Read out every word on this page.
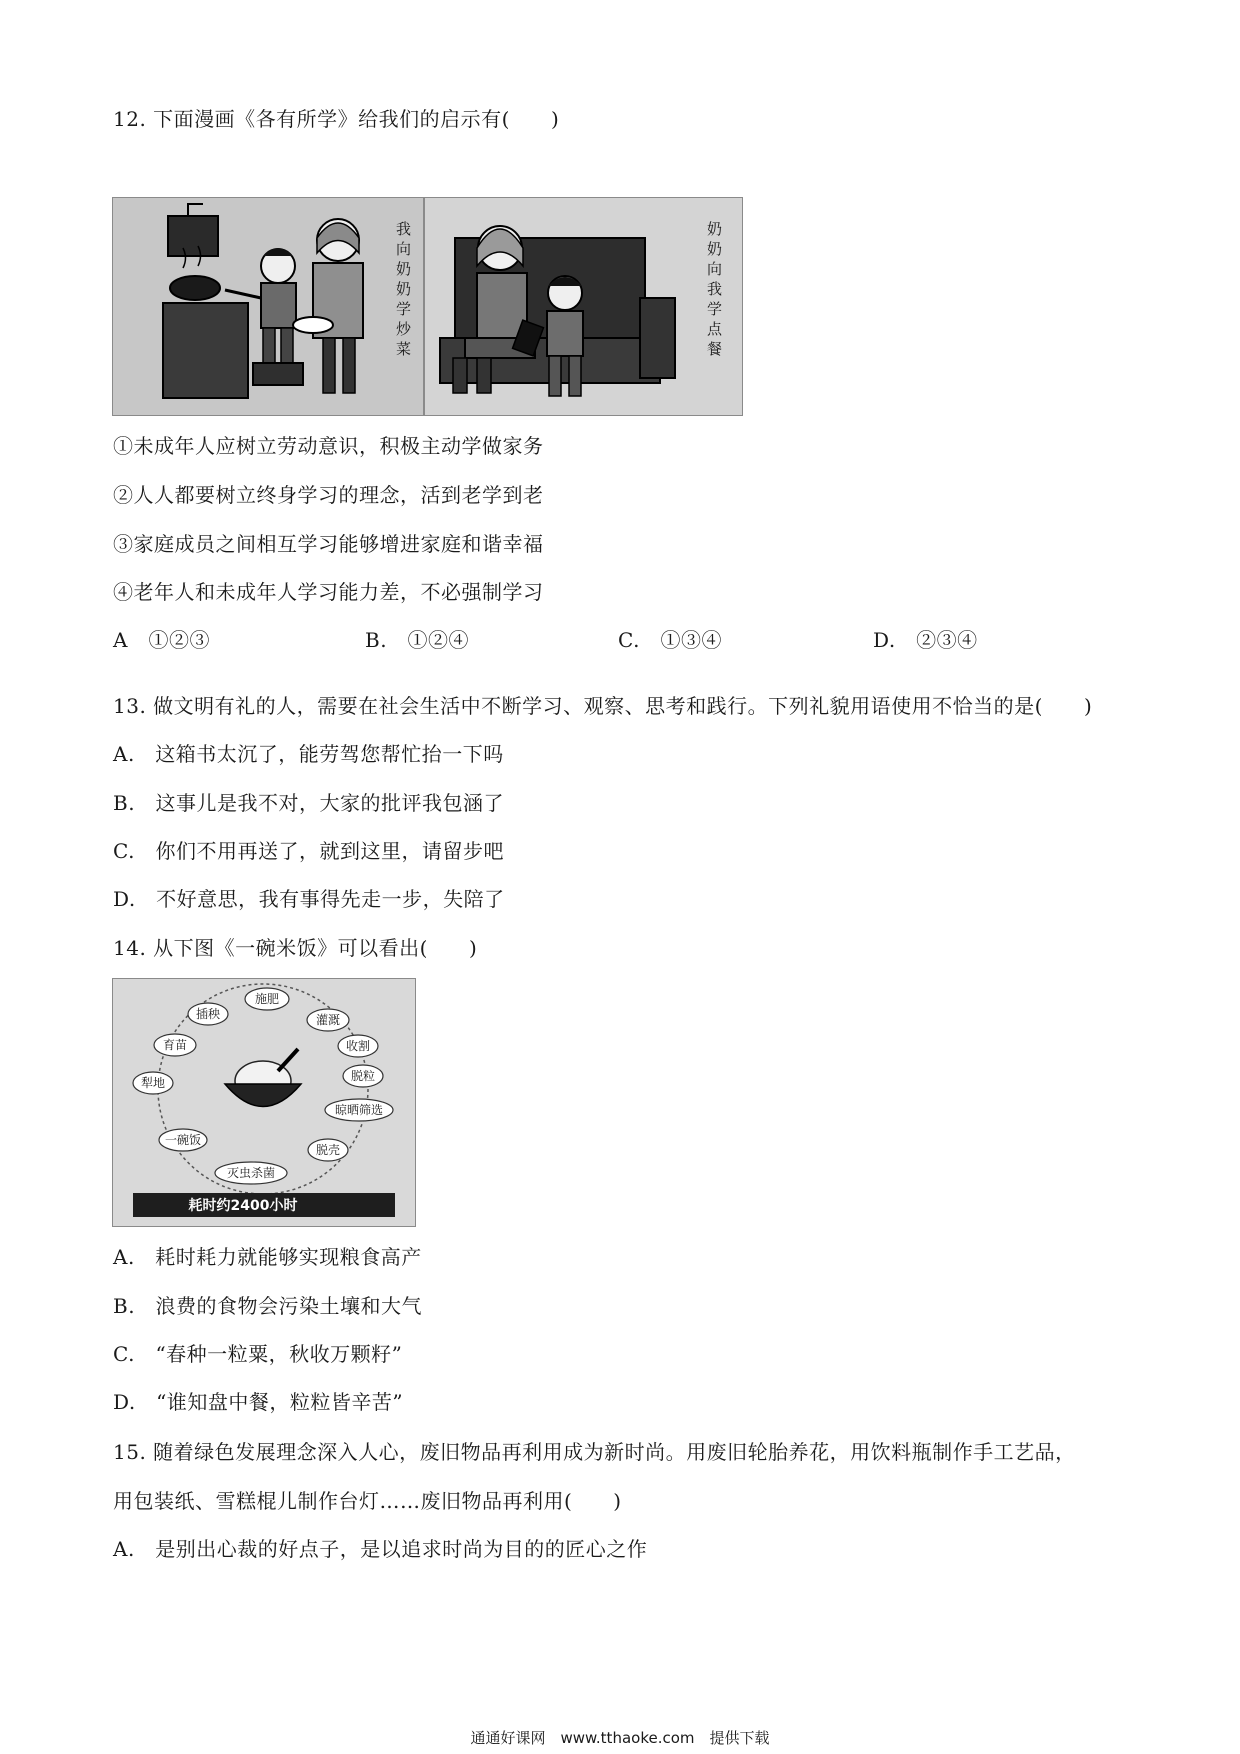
12. 下面漫画《各有所学》给我们的启示有(　　)
我
向
奶
奶
学
炒
菜
奶
奶
向
我
学
点
餐
①未成年人应树立劳动意识，积极主动学做家务
②人人都要树立终身学习的理念，活到老学到老
③家庭成员之间相互学习能够增进家庭和谐幸福
④老年人和未成年人学习能力差，不必强制学习
A　①②③	B.　①②④	C.　①③④	D.　②③④
13. 做文明有礼的人，需要在社会生活中不断学习、观察、思考和践行。下列礼貌用语使用不恰当的是(　　)
A.　这箱书太沉了，能劳驾您帮忙抬一下吗
B.　这事儿是我不对，大家的批评我包涵了
C.　你们不用再送了，就到这里，请留步吧
D.　不好意思，我有事得先走一步，失陪了
14. 从下图《一碗米饭》可以看出(　　)
施肥
灌溉
收割
脱粒
晾晒筛选
脱壳
灭虫杀菌
一碗饭
犁地
育苗
插秧
耗时约2400小时
A.　耗时耗力就能够实现粮食高产
B.　浪费的食物会污染土壤和大气
C.　“春种一粒粟，秋收万颗籽”
D.　“谁知盘中餐，粒粒皆辛苦”
15. 随着绿色发展理念深入人心，废旧物品再利用成为新时尚。用废旧轮胎养花，用饮料瓶制作手工艺品，
用包装纸、雪糕棍儿制作台灯……废旧物品再利用(　　)
A.　是别出心裁的好点子，是以追求时尚为目的的匠心之作
通通好课网　www.tthaoke.com　提供下载
